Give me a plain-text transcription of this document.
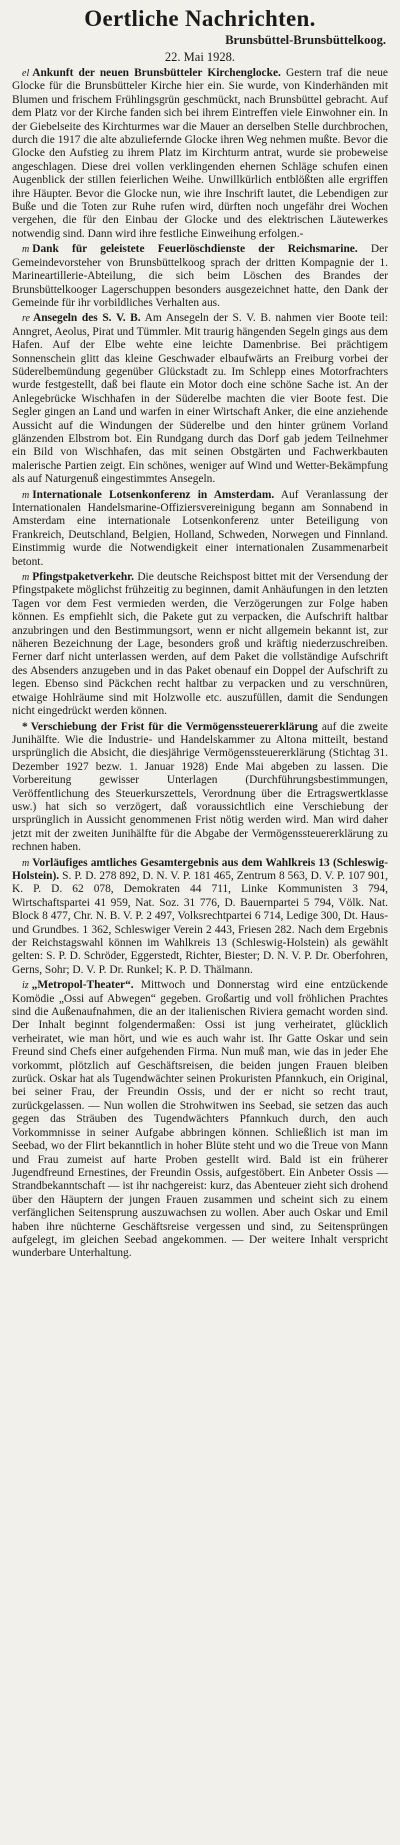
Oertliche Nachrichten.
Brunsbüttel-Brunsbüttelkoog.
22. Mai 1928.

el Ankunft der neuen Brunsbütteler Kirchenglocke. Gestern traf die neue Glocke für die Brunsbütteler Kirche hier ein. Sie wurde, von Kinderhänden mit Blumen und frischem Frühlingsgrün geschmückt, nach Brunsbüttel gebracht. Auf dem Platz vor der Kirche fanden sich bei ihrem Eintreffen viele Einwohner ein. In der Giebelseite des Kirchturmes war die Mauer an derselben Stelle durchbrochen, durch die 1917 die alte abzuliefernde Glocke ihren Weg nehmen mußte. Bevor die Glocke den Aufstieg zu ihrem Platz im Kirchturm antrat, wurde sie probeweise angeschlagen. Diese drei vollen verklingenden ehernen Schläge schufen einen Augenblick der stillen feierlichen Weihe. Unwillkürlich entblößten alle ergriffen ihre Häupter. Bevor die Glocke nun, wie ihre Inschrift lautet, die Lebendigen zur Buße und die Toten zur Ruhe rufen wird, dürften noch ungefähr drei Wochen vergehen, die für den Einbau der Glocke und des elektrischen Läutewerkes notwendig sind. Dann wird ihre festliche Einweihung erfolgen.-

m Dank für geleistete Feuerlöschdienste der Reichsmarine. Der Gemeindevorsteher von Brunsbüttelkoog sprach der dritten Kompagnie der 1. Marineartillerie-Abteilung, die sich beim Löschen des Brandes der Brunsbüttelkooger Lagerschuppen besonders ausgezeichnet hatte, den Dank der Gemeinde für ihr vorbildliches Verhalten aus.

re Ansegeln des S. V. B. Am Ansegeln der S. V. B. nahmen vier Boote teil: Anngret, Aeolus, Pirat und Tümmler. Mit traurig hängenden Segeln gings aus dem Hafen. Auf der Elbe wehte eine leichte Damenbrise. Bei prächtigem Sonnenschein glitt das kleine Geschwader elbaufwärts an Freiburg vorbei der Süderelbemündung gegenüber Glückstadt zu. Im Schlepp eines Motorfrachters wurde festgestellt, daß bei flaute ein Motor doch eine schöne Sache ist. An der Anlegebrücke Wischhafen in der Süderelbe machten die vier Boote fest. Die Segler gingen an Land und warfen in einer Wirtschaft Anker, die eine anziehende Aussicht auf die Windungen der Süderelbe und den hinter grünem Vorland glänzenden Elbstrom bot. Ein Rundgang durch das Dorf gab jedem Teilnehmer ein Bild von Wischhafen, das mit seinen Obstgärten und Fachwerkbauten malerische Partien zeigt. Ein schönes, weniger auf Wind und Wetter-Bekämpfung als auf Naturgenuß eingestimmtes Ansegeln.

m Internationale Lotsenkonferenz in Amsterdam. Auf Veranlassung der Internationalen Handelsmarine-Offiziersvereinigung begann am Sonnabend in Amsterdam eine internationale Lotsenkonferenz unter Beteiligung von Frankreich, Deutschland, Belgien, Holland, Schweden, Norwegen und Finnland. Einstimmig wurde die Notwendigkeit einer internationalen Zusammenarbeit betont.

m Pfingstpaketverkehr. Die deutsche Reichspost bittet mit der Versendung der Pfingstpakete möglichst frühzeitig zu beginnen, damit Anhäufungen in den letzten Tagen vor dem Fest vermieden werden, die Verzögerungen zur Folge haben können. Es empfiehlt sich, die Pakete gut zu verpacken, die Aufschrift haltbar anzubringen und den Bestimmungsort, wenn er nicht allgemein bekannt ist, zur näheren Bezeichnung der Lage, besonders groß und kräftig niederzuschreiben. Ferner darf nicht unterlassen werden, auf dem Paket die vollständige Aufschrift des Absenders anzugeben und in das Paket obenauf ein Doppel der Aufschrift zu legen. Ebenso sind Päckchen recht haltbar zu verpacken und zu verschnüren, etwaige Hohlräume sind mit Holzwolle etc. auszufüllen, damit die Sendungen nicht eingedrückt werden können.

* Verschiebung der Frist für die Vermögenssteuererklärung auf die zweite Junihälfte. Wie die Industrie- und Handelskammer zu Altona mitteilt, bestand ursprünglich die Absicht, die diesjährige Vermögenssteuererklärung (Stichtag 31. Dezember 1927 bezw. 1. Januar 1928) Ende Mai abgeben zu lassen. Die Vorbereitung gewisser Unterlagen (Durchführungsbestimmungen, Veröffentlichung des Steuerkurszettels, Verordnung über die Ertragswertklasse usw.) hat sich so verzögert, daß voraussichtlich eine Verschiebung der ursprünglich in Aussicht genommenen Frist nötig werden wird. Man wird daher jetzt mit der zweiten Junihälfte für die Abgabe der Vermögenssteuererklärung zu rechnen haben.

m Vorläufiges amtliches Gesamtergebnis aus dem Wahlkreis 13 (Schleswig-Holstein). S. P. D. 278 892, D. N. V. P. 181 465, Zentrum 8 563, D. V. P. 107 901, K. P. D. 62 078, Demokraten 44 711, Linke Kommunisten 3 794, Wirtschaftspartei 41 959, Nat. Soz. 31 776, D. Bauernpartei 5 794, Völk. Nat. Block 8 477, Chr. N. B. V. P. 2 497, Volksrechtpartei 6 714, Ledige 300, Dt. Haus- und Grundbes. 1 362, Schleswiger Verein 2 443, Friesen 282. Nach dem Ergebnis der Reichstagswahl können im Wahlkreis 13 (Schleswig-Holstein) als gewählt gelten: S. P. D. Schröder, Eggerstedt, Richter, Biester; D. N. V. P. Dr. Oberfohren, Gerns, Sohr; D. V. P. Dr. Runkel; K. P. D. Thälmann.

iz „Metropol-Theater“. Mittwoch und Donnerstag wird eine entzückende Komödie „Ossi auf Abwegen“ gegeben. Großartig und voll fröhlichen Prachtes sind die Außenaufnahmen, die an der italienischen Riviera gemacht worden sind. Der Inhalt beginnt folgendermaßen: Ossi ist jung verheiratet, glücklich verheiratet, wie man hört, und wie es auch wahr ist. Ihr Gatte Oskar und sein Freund sind Chefs einer aufgehenden Firma. Nun muß man, wie das in jeder Ehe vorkommt, plötzlich auf Geschäftsreisen, die beiden jungen Frauen bleiben zurück. Oskar hat als Tugendwächter seinen Prokuristen Pfannkuch, ein Original, bei seiner Frau, der Freundin Ossis, und der er nicht so recht traut, zurückgelassen. — Nun wollen die Strohwitwen ins Seebad, sie setzen das auch gegen das Sträuben des Tugendwächters Pfannkuch durch, den auch Vorkommnisse in seiner Aufgabe abbringen können. Schließlich ist man im Seebad, wo der Flirt bekanntlich in hoher Blüte steht und wo die Treue von Mann und Frau zumeist auf harte Proben gestellt wird. Bald ist ein früherer Jugendfreund Ernestines, der Freundin Ossis, aufgestöbert. Ein Anbeter Ossis — Strandbekanntschaft — ist ihr nachgereist: kurz, das Abenteuer zieht sich drohend über den Häuptern der jungen Frauen zusammen und scheint sich zu einem verfänglichen Seitensprung auszuwachsen zu wollen. Aber auch Oskar und Emil haben ihre nüchterne Geschäftsreise vergessen und sind, zu Seitensprüngen aufgelegt, im gleichen Seebad angekommen. — Der weitere Inhalt verspricht wunderbare Unterhaltung.
